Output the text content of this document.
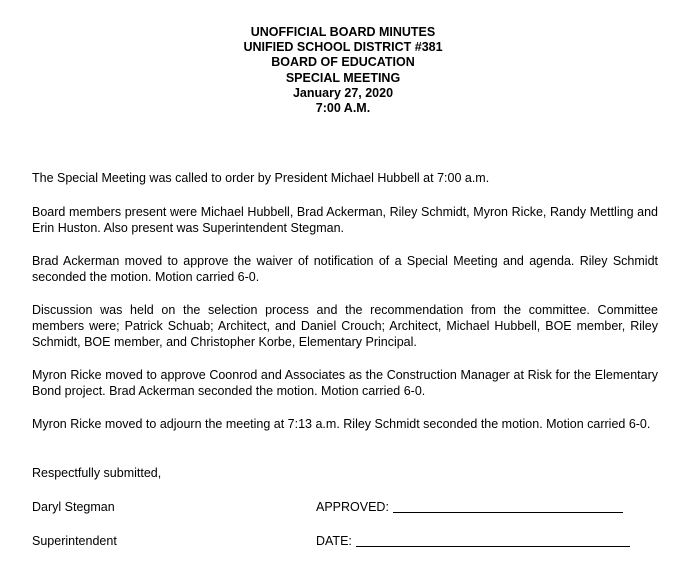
UNOFFICIAL BOARD MINUTES
UNIFIED SCHOOL DISTRICT #381
BOARD OF EDUCATION
SPECIAL MEETING
January 27, 2020
7:00 A.M.

The Special Meeting was called to order by President Michael Hubbell at 7:00 a.m.

Board members present were Michael Hubbell, Brad Ackerman, Riley Schmidt, Myron Ricke, Randy Mettling and Erin Huston. Also present was Superintendent Stegman.

Brad Ackerman moved to approve the waiver of notification of a Special Meeting and agenda. Riley Schmidt seconded the motion. Motion carried 6-0.

Discussion was held on the selection process and the recommendation from the committee. Committee members were; Patrick Schuab; Architect, and Daniel Crouch; Architect, Michael Hubbell, BOE member, Riley Schmidt, BOE member, and Christopher Korbe, Elementary Principal.

Myron Ricke moved to approve Coonrod and Associates as the Construction Manager at Risk for the Elementary Bond project. Brad Ackerman seconded the motion. Motion carried 6-0.

Myron Ricke moved to adjourn the meeting at 7:13 a.m. Riley Schmidt seconded the motion. Motion carried 6-0.

Respectfully submitted,
Daryl Stegman	APPROVED:
Superintendent	DATE:
